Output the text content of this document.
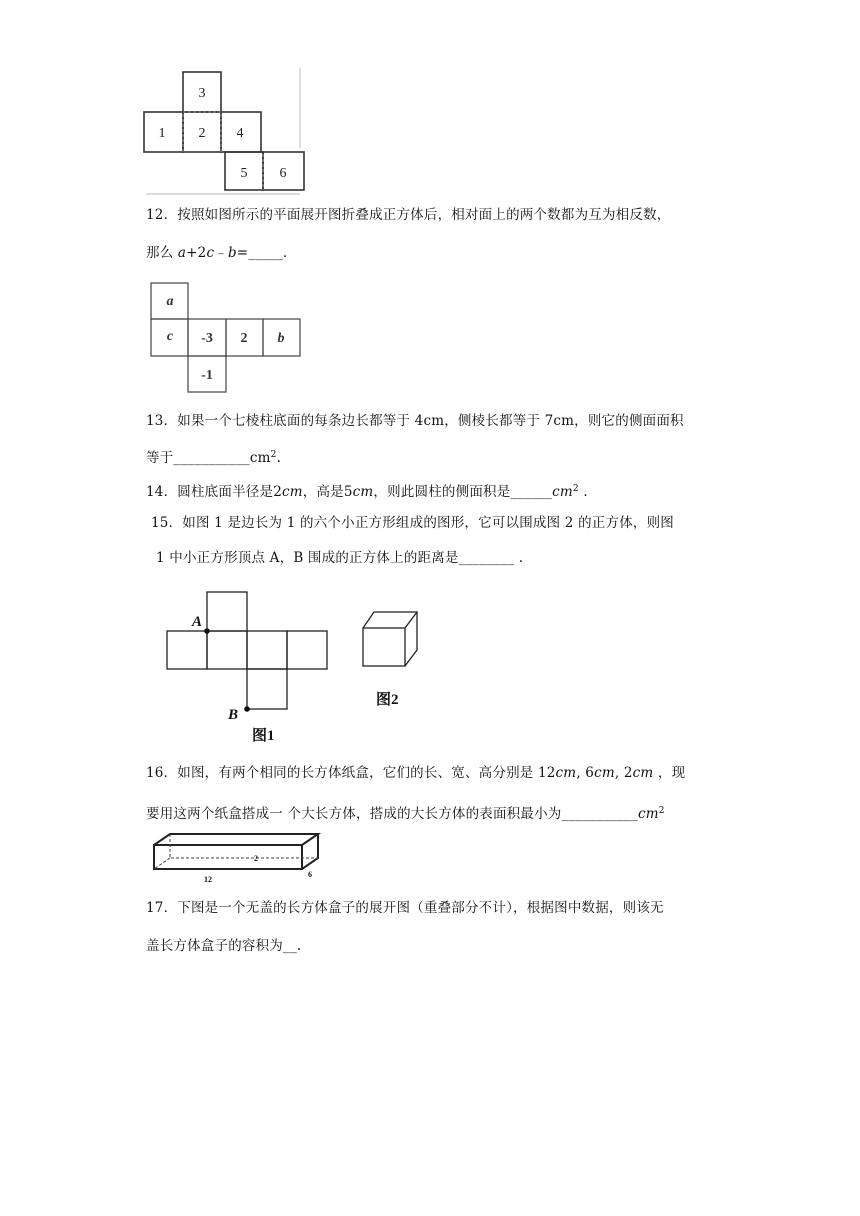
3
1 2 4
5 6
12．按照如图所示的平面展开图折叠成正方体后，相对面上的两个数都为互为相反数，
那么 a+2c﹣b=_____．
a
c -3 2 b
-1
13．如果一个七棱柱底面的每条边长都等于 4cm，侧棱长都等于 7cm，则它的侧面面积
等于$\_\_\_\_\_\_\_\_\_\_\_cm^2$.
14．圆柱底面半径是2cm，高是5cm，则此圆柱的侧面积是$\_\_\_\_\_\_cm^2$ .
15．如图 1 是边长为 1 的六个小正方形组成的图形，它可以围成图 2 的正方体，则图
1 中小正方形顶点 A，B 围成的正方体上的距离是________ .
A
B
图1
图2
16．如图，有两个相同的长方体纸盒，它们的长、宽、高分别是 12cm, 6cm, 2cm ，现
要用这两个纸盒搭成一 个大长方体，搭成的大长方体的表面积最小为$\_\_\_\_\_\_\_\_\_\_\_cm^2$
2
12
6
17．下图是一个无盖的长方体盒子的展开图（重叠部分不计），根据图中数据，则该无
盖长方体盒子的容积为__.
